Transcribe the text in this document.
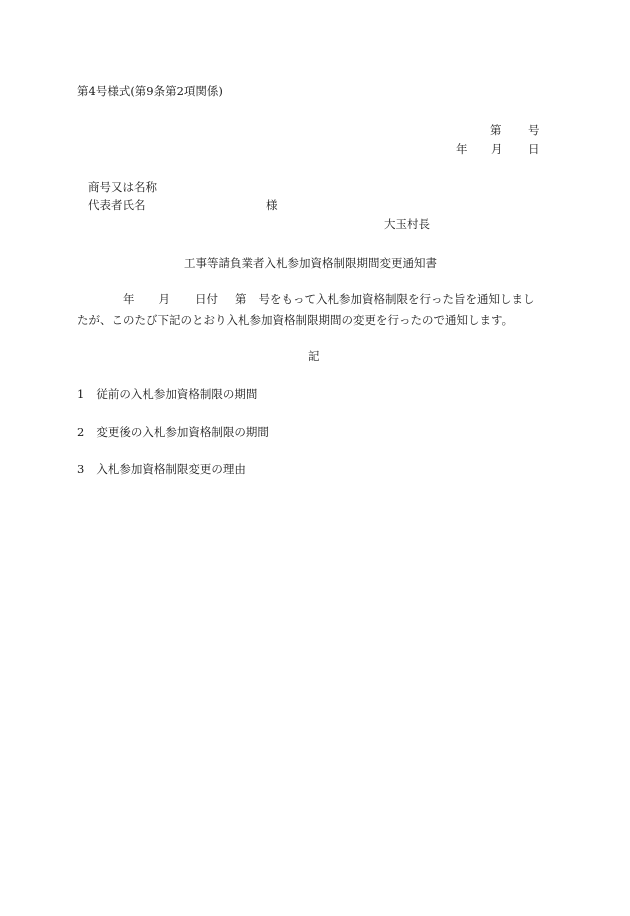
第4号様式(第9条第2項関係)
第 号
年 月 日
商号又は名称
代表者氏名	様
大玉村長
工事等請負業者入札参加資格制限期間変更通知書
年 月 日付 第 号をもって入札参加資格制限を行った旨を通知しまし
たが、このたび下記のとおり入札参加資格制限期間の変更を行ったので通知します。
記
1 従前の入札参加資格制限の期間
2 変更後の入札参加資格制限の期間
3 入札参加資格制限変更の理由
